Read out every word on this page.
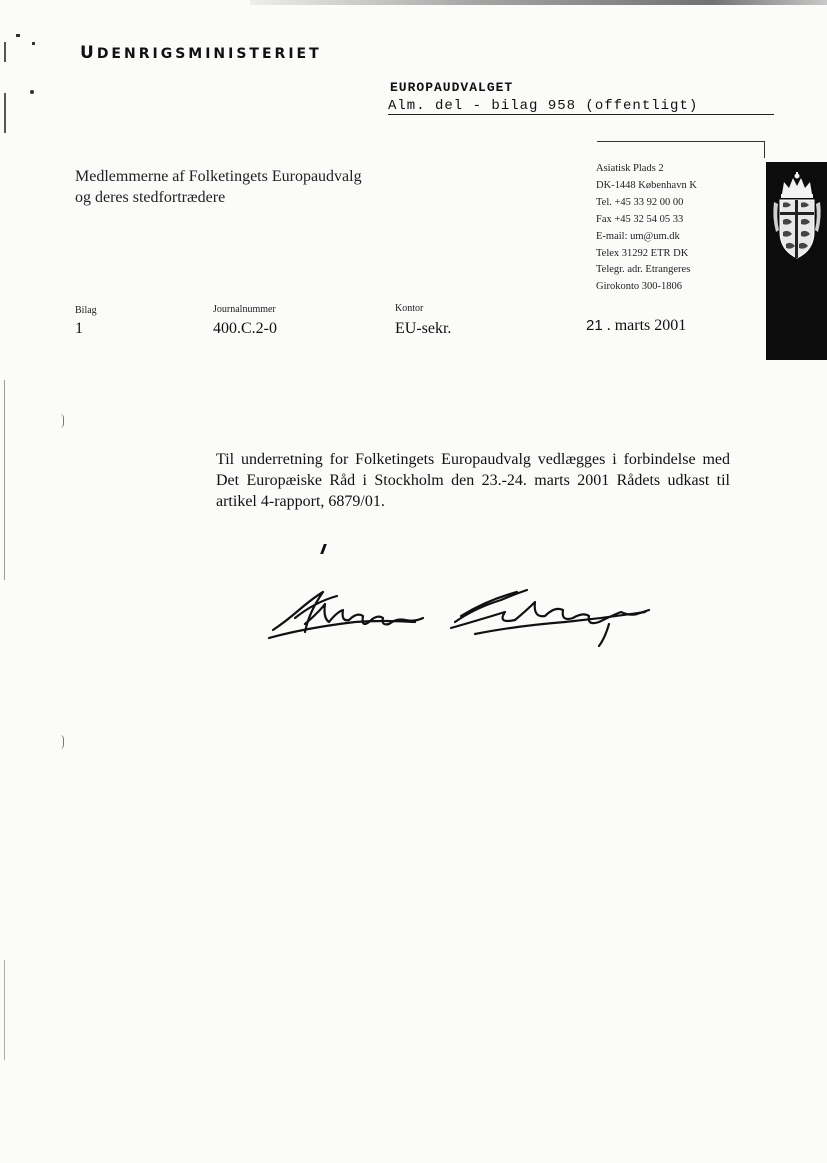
UDENRIGSMINISTERIET
EUROPAUDVALGET
Alm. del - bilag 958 (offentligt)
Medlemmerne af Folketingets Europaudvalg
og deres stedfortrædere
Asiatisk Plads 2
DK-1448 København K
Tel. +45 33 92 00 00
Fax +45 32 54 05 33
E-mail: um@um.dk
Telex 31292 ETR DK
Telegr. adr. Etrangeres
Girokonto 300-1806
Bilag
1
Journalnummer
400.C.2-0
Kontor
EU-sekr.	21 . marts 2001
Til underretning for Folketingets Europaudvalg vedlægges i forbindelse med Det Europæiske Råd i Stockholm den 23.-24. marts 2001 Rådets udkast til artikel 4-rapport, 6879/01.
